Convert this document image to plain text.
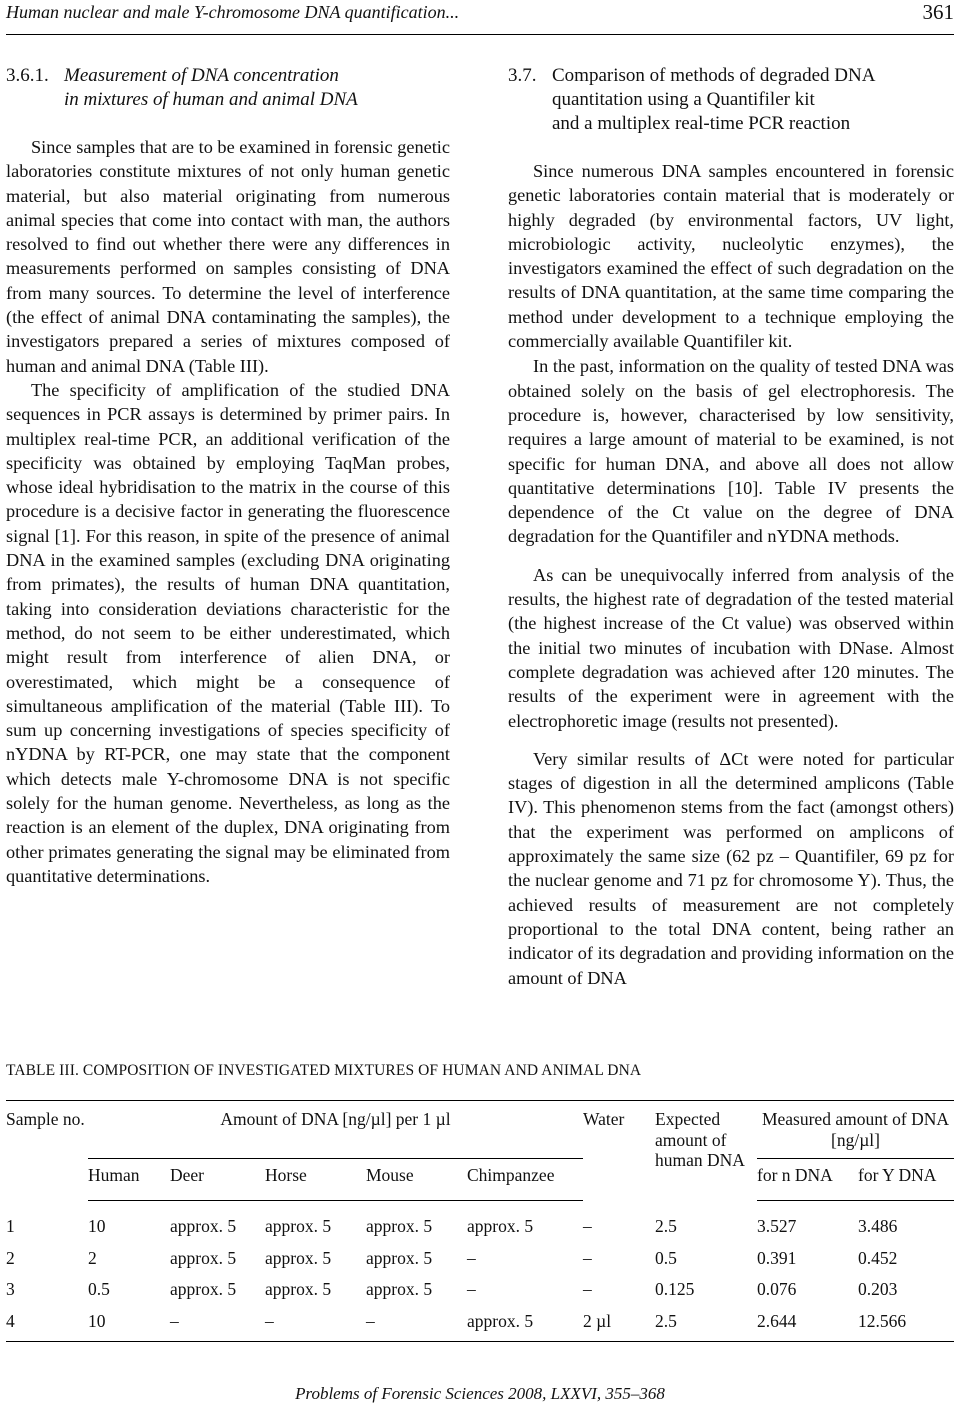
Human nuclear and male Y-chromosome DNA quantification...	361
3.6.1. Measurement of DNA concentration
in mixtures of human and animal DNA

Since samples that are to be examined in forensic genetic laboratories constitute mixtures of not only human genetic material, but also material originating from numerous animal species that come into contact with man, the authors resolved to find out whether there were any differences in measurements performed on samples consisting of DNA from many sources. To determine the level of interference (the effect of animal DNA contaminating the samples), the investigators prepared a series of mixtures composed of human and animal DNA (Table III).

The specificity of amplification of the studied DNA sequences in PCR assays is determined by primer pairs. In multiplex real-time PCR, an additional verification of the specificity was obtained by employing TaqMan probes, whose ideal hybridisation to the matrix in the course of this procedure is a decisive factor in generating the fluorescence signal [1]. For this reason, in spite of the presence of animal DNA in the examined samples (excluding DNA originating from primates), the results of human DNA quantitation, taking into consideration deviations characteristic for the method, do not seem to be either underestimated, which might result from interference of alien DNA, or overestimated, which might be a consequence of simultaneous amplification of the material (Table III). To sum up concerning investigations of species specificity of nYDNA by RT-PCR, one may state that the component which detects male Y-chromosome DNA is not specific solely for the human genome. Nevertheless, as long as the reaction is an element of the duplex, DNA originating from other primates generating the signal may be eliminated from quantitative determinations.

3.7. Comparison of methods of degraded DNA
quantitation using a Quantifiler kit
and a multiplex real-time PCR reaction

Since numerous DNA samples encountered in forensic genetic laboratories contain material that is moderately or highly degraded (by environmental factors, UV light, microbiologic activity, nucleolytic enzymes), the investigators examined the effect of such degradation on the results of DNA quantitation, at the same time comparing the method under development to a technique employing the commercially available Quantifiler kit.

In the past, information on the quality of tested DNA was obtained solely on the basis of gel electrophoresis. The procedure is, however, characterised by low sensitivity, requires a large amount of material to be examined, is not specific for human DNA, and above all does not allow quantitative determinations [10]. Table IV presents the dependence of the Ct value on the degree of DNA degradation for the Quantifiler and nYDNA methods.

As can be unequivocally inferred from analysis of the results, the highest rate of degradation of the tested material (the highest increase of the Ct value) was observed within the initial two minutes of incubation with DNase. Almost complete degradation was achieved after 120 minutes. The results of the experiment were in agreement with the electrophoretic image (results not presented).

Very similar results of ΔCt were noted for particular stages of digestion in all the determined amplicons (Table IV). This phenomenon stems from the fact (amongst others) that the experiment was performed on amplicons of approximately the same size (62 pz – Quantifiler, 69 pz for the nuclear genome and 71 pz for chromosome Y). Thus, the achieved results of measurement are not completely proportional to the total DNA content, being rather an indicator of its degradation and providing information on the amount of DNA

TABLE III. COMPOSITION OF INVESTIGATED MIXTURES OF HUMAN AND ANIMAL DNA
Sample no.	Amount of DNA [ng/µl] per 1 µl					Water	Expected amount of human DNA	Measured amount of DNA [ng/µl]	
	Human	Deer	Horse	Mouse	Chimpanzee			for n DNA	for Y DNA
1	10	approx. 5	approx. 5	approx. 5	approx. 5	–	2.5	3.527	3.486
2	2	approx. 5	approx. 5	approx. 5	–	–	0.5	0.391	0.452
3	0.5	approx. 5	approx. 5	approx. 5	–	–	0.125	0.076	0.203
4	10	–	–	–	approx. 5	2 µl	2.5	2.644	12.566
Problems of Forensic Sciences 2008, LXXVI, 355–368
